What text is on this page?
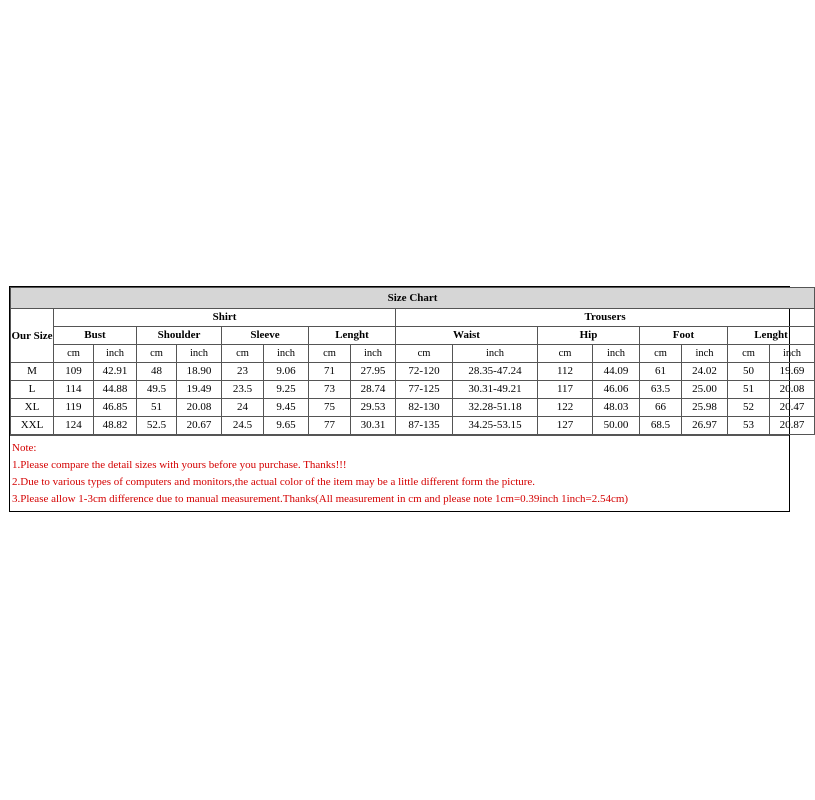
Size Chart																
Our Size	Shirt								Trousers							
	Bust		Shoulder		Sleeve		Lenght		Waist		Hip		Foot		Lenght	
	cm	inch	cm	inch	cm	inch	cm	inch	cm	inch	cm	inch	cm	inch	cm	inch
M	109	42.91	48	18.90	23	9.06	71	27.95	72-120	28.35-47.24	112	44.09	61	24.02	50	19.69
L	114	44.88	49.5	19.49	23.5	9.25	73	28.74	77-125	30.31-49.21	117	46.06	63.5	25.00	51	20.08
XL	119	46.85	51	20.08	24	9.45	75	29.53	82-130	32.28-51.18	122	48.03	66	25.98	52	20.47
XXL	124	48.82	52.5	20.67	24.5	9.65	77	30.31	87-135	34.25-53.15	127	50.00	68.5	26.97	53	20.87
Note:
1.Please compare the detail sizes with yours before you purchase. Thanks!!!
2.Due to various types of computers and monitors,the actual color of the item may be a little different form the picture.
3.Please allow 1-3cm difference due to manual measurement.Thanks(All measurement in cm and please note 1cm=0.39inch 1inch=2.54cm)
